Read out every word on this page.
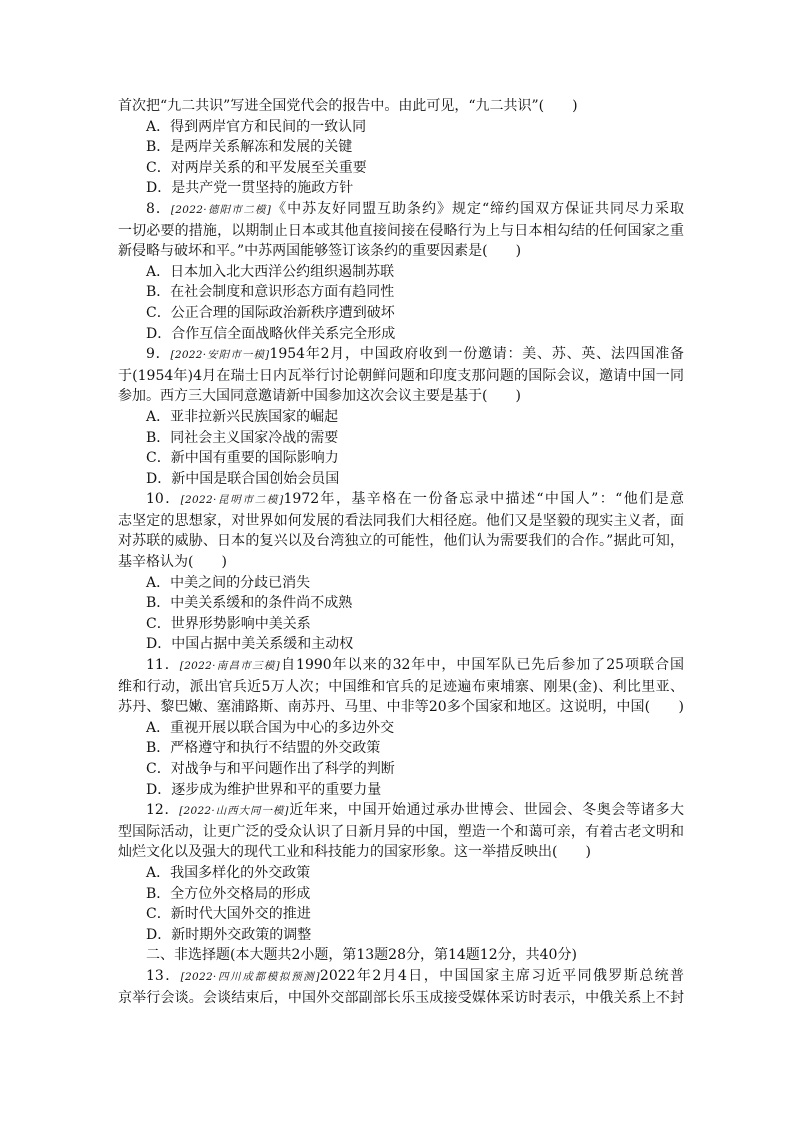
首次把“九二共识”写进全国党代会的报告中。由此可见，“九二共识”(　　)
A．得到两岸官方和民间的一致认同
B．是两岸关系解冻和发展的关键
C．对两岸关系的和平发展至关重要
D．是共产党一贯坚持的施政方针
8．[2022·德阳市二模]《中苏友好同盟互助条约》规定“缔约国双方保证共同尽力采取
一切必要的措施，以期制止日本或其他直接间接在侵略行为上与日本相勾结的任何国家之重
新侵略与破坏和平。”中苏两国能够签订该条约的重要因素是(　　)
A．日本加入北大西洋公约组织遏制苏联
B．在社会制度和意识形态方面有趋同性
C．公正合理的国际政治新秩序遭到破坏
D．合作互信全面战略伙伴关系完全形成
9．[2022·安阳市一模]1954年2月，中国政府收到一份邀请：美、苏、英、法四国准备
于(1954年)4月在瑞士日内瓦举行讨论朝鲜问题和印度支那问题的国际会议，邀请中国一同
参加。西方三大国同意邀请新中国参加这次会议主要是基于(　　)
A．亚非拉新兴民族国家的崛起
B．同社会主义国家冷战的需要
C．新中国有重要的国际影响力
D．新中国是联合国创始会员国
10．[2022·昆明市二模]1972年，基辛格在一份备忘录中描述“中国人”：“他们是意
志坚定的思想家，对世界如何发展的看法同我们大相径庭。他们又是坚毅的现实主义者，面
对苏联的威胁、日本的复兴以及台湾独立的可能性，他们认为需要我们的合作。”据此可知，
基辛格认为(　　)
A．中美之间的分歧已消失
B．中美关系缓和的条件尚不成熟
C．世界形势影响中美关系
D．中国占据中美关系缓和主动权
11．[2022·南昌市三模]自1990年以来的32年中，中国军队已先后参加了25项联合国
维和行动，派出官兵近5万人次；中国维和官兵的足迹遍布柬埔寨、刚果(金)、利比里亚、
苏丹、黎巴嫩、塞浦路斯、南苏丹、马里、中非等20多个国家和地区。这说明，中国(　　)
A．重视开展以联合国为中心的多边外交
B．严格遵守和执行不结盟的外交政策
C．对战争与和平问题作出了科学的判断
D．逐步成为维护世界和平的重要力量
12．[2022·山西大同一模]近年来，中国开始通过承办世博会、世园会、冬奥会等诸多大
型国际活动，让更广泛的受众认识了日新月异的中国，塑造一个和蔼可亲，有着古老文明和
灿烂文化以及强大的现代工业和科技能力的国家形象。这一举措反映出(　　)
A．我国多样化的外交政策
B．全方位外交格局的形成
C．新时代大国外交的推进
D．新时期外交政策的调整
二、非选择题(本大题共2小题，第13题28分，第14题12分，共40分)
13．[2022·四川成都模拟预测]2022年2月4日，中国国家主席习近平同俄罗斯总统普
京举行会谈。会谈结束后，中国外交部副部长乐玉成接受媒体采访时表示，中俄关系上不封
